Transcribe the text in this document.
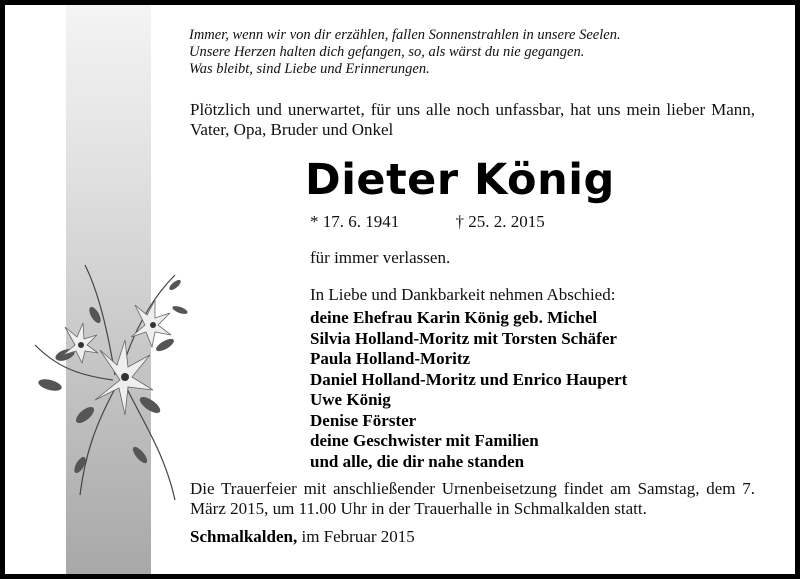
Immer, wenn wir von dir erzählen, fallen Sonnenstrahlen in unsere Seelen.
Unsere Herzen halten dich gefangen, so, als wärst du nie gegangen.
Was bleibt, sind Liebe und Erinnerungen.
Plötzlich und unerwartet, für uns alle noch unfassbar, hat uns mein lieber Mann, Vater, Opa, Bruder und Onkel
Dieter König
* 17. 6. 1941	† 25. 2. 2015
für immer verlassen.
In Liebe und Dankbarkeit nehmen Abschied:
deine Ehefrau Karin König geb. Michel
Silvia Holland-Moritz mit Torsten Schäfer
Paula Holland-Moritz
Daniel Holland-Moritz und Enrico Haupert
Uwe König
Denise Förster
deine Geschwister mit Familien
und alle, die dir nahe standen
Die Trauerfeier mit anschließender Urnenbeisetzung findet am Samstag, dem 7. März 2015, um 11.00 Uhr in der Trauerhalle in Schmalkalden statt.
Schmalkalden, im Februar 2015
